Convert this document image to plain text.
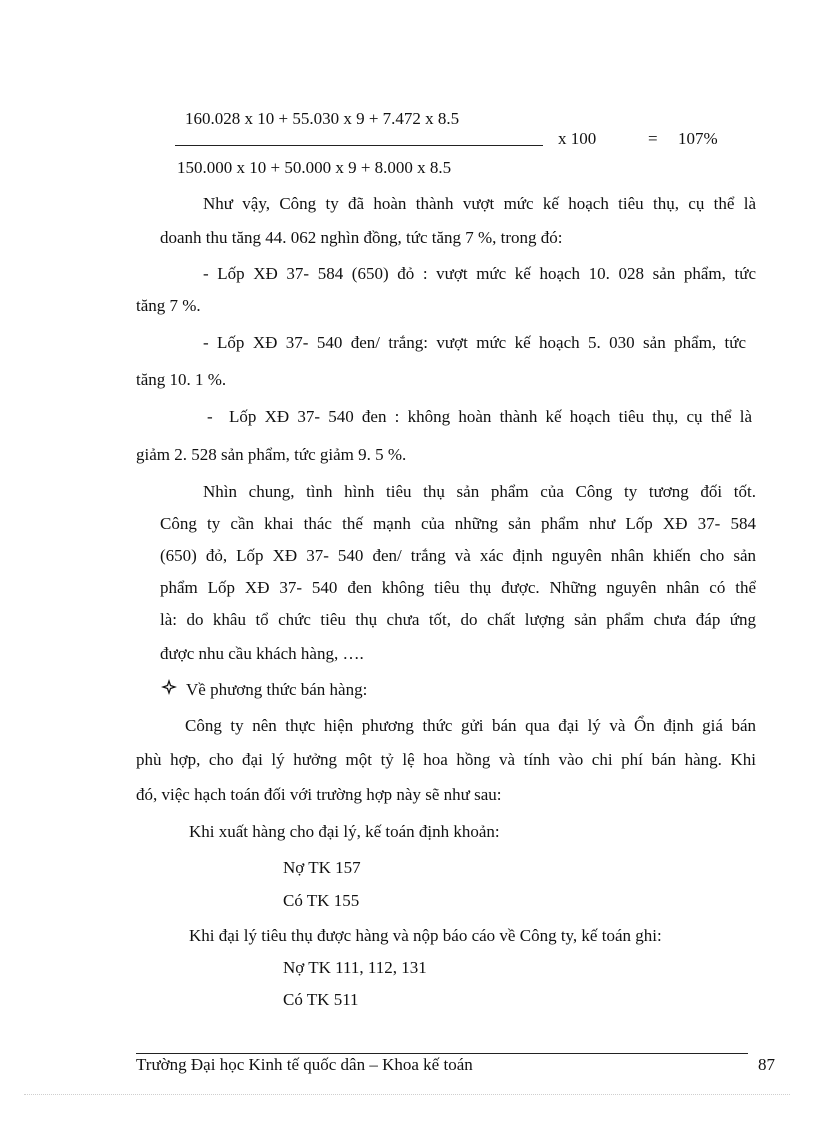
160.028 x 10 + 55.030 x 9 + 7.472 x 8.5
150.000 x 10 + 50.000 x 9 + 8.000 x 8.5
x 100	= 107%
Như vậy, Công ty đã hoàn thành vượt mức kế hoạch tiêu thụ, cụ thể là
doanh thu tăng 44. 062 nghìn đồng, tức tăng 7 %, trong đó:
- Lốp XĐ 37- 584 (650) đỏ : vượt mức kế hoạch 10. 028 sản phẩm, tức
tăng 7 %.
- Lốp XĐ 37- 540 đen/ trắng: vượt mức kế hoạch 5. 030 sản phẩm, tức
tăng 10. 1 %.
- Lốp XĐ 37- 540 đen : không hoàn thành kế hoạch tiêu thụ, cụ thể là
giảm 2. 528 sản phẩm, tức giảm 9. 5 %.
Nhìn chung, tình hình tiêu thụ sản phẩm của Công ty tương đối tốt.
Công ty cần khai thác thế mạnh của những sản phẩm như Lốp XĐ 37- 584
(650) đỏ, Lốp XĐ 37- 540 đen/ trắng và xác định nguyên nhân khiến cho sản
phẩm Lốp XĐ 37- 540 đen không tiêu thụ được. Những nguyên nhân có thể
là: do khâu tổ chức tiêu thụ chưa tốt, do chất lượng sản phẩm chưa đáp ứng
được nhu cầu khách hàng, ….
Về phương thức bán hàng:
Công ty nên thực hiện phương thức gửi bán qua đại lý và Ổn định giá bán
phù hợp, cho đại lý hưởng một tỷ lệ hoa hồng và tính vào chi phí bán hàng. Khi
đó, việc hạch toán đối với trường hợp này sẽ như sau:
Khi xuất hàng cho đại lý, kế toán định khoản:
Nợ TK 157
Có TK 155
Khi đại lý tiêu thụ được hàng và nộp báo cáo về Công ty, kế toán ghi:
Nợ TK 111, 112, 131
Có TK 511
Trường Đại học Kinh tế quốc dân – Khoa kế toán	87
